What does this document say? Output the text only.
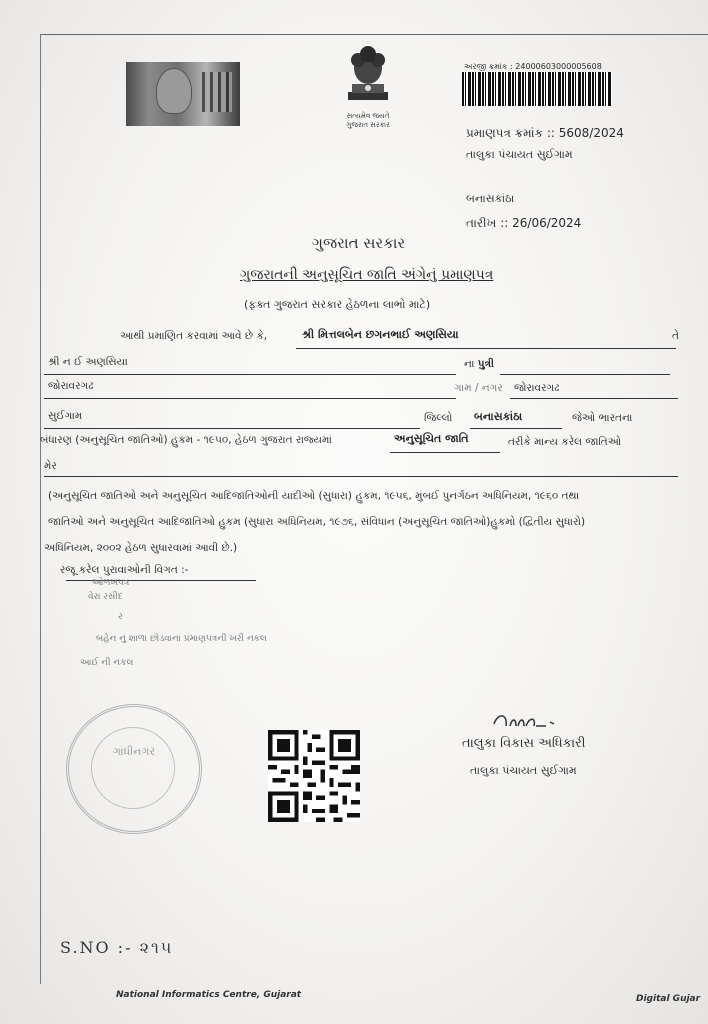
સત્યમેવ જયતે
ગુજરાત સરકાર
અરજી ક્રમાંક : 24000603000005608
પ્રમાણપત્ર ક્રમાંક :: 5608/2024
તાલુકા પંચાયત સુઈગામ
બનાસકાંઠા
તારીખ :: 26/06/2024
ગુજરાત સરકાર
ગુજરાતની અનુસૂચિત જાતિ અંગેનું પ્રમાણપત્ર
(ફક્ત ગુજરાત સરકાર હેઠળના લાભો માટે)
આથી પ્રમાણિત કરવામાં આવે છે કે,	શ્રી મિત્તલબેન છગનભાઈ અણસિયા	તે
શ્રી ન ઈ અણસિયા	ના પુત્રી
જોરાવરગઢ	ગામ / નગર જોરાવરગઢ
સુઈગામ	જિલ્લો બનાસકાંઠા	જેઓ ભારતના
બંધારણ (અનુસૂચિત જાતિઓ) હુકમ - ૧૯૫૦, હેઠળ ગુજરાત રાજ્યમાં	અનુસૂચિત જાતિ	તરીકે માન્ય કરેલ જાતિઓ
મેર
(અનુસૂચિત જાતિઓ અને અનુસૂચિત આદિજાતિઓની યાદીઓ (સુધારા) હુકમ, ૧૯૫૬, મુંબઈ પુનર્ગઠન અધિનિયમ, ૧૯૬૦ તથા
જાતિઓ અને અનુસૂચિત આદિજાતિઓ હુકમ (સુધારા અધિનિયમ, ૧૯૭૬, સંવિધાન (અનુસૂચિત જાતિઓ)હુકમો (દ્વિતીય સુધારો)
અધિનિયમ, ૨૦૦૨ હેઠળ સુધારવામાં આવી છે.)
રજૂ કરેલ પુરાવાઓની વિગત :-
ઓળખપત્ર
વેરા રસીદ
ર
બહેન નું શાળા છોડવાનાં પ્રમાણપત્રની ખરી નકલ
આઈ ની નકલ
ગાંધીનગર
તાલુકા વિકાસ અધિકારી
તાલુકા પંચાયત સુઈગામ
S.NO :- ૨૧૫
National Informatics Centre, Gujarat	Digital Gujar
